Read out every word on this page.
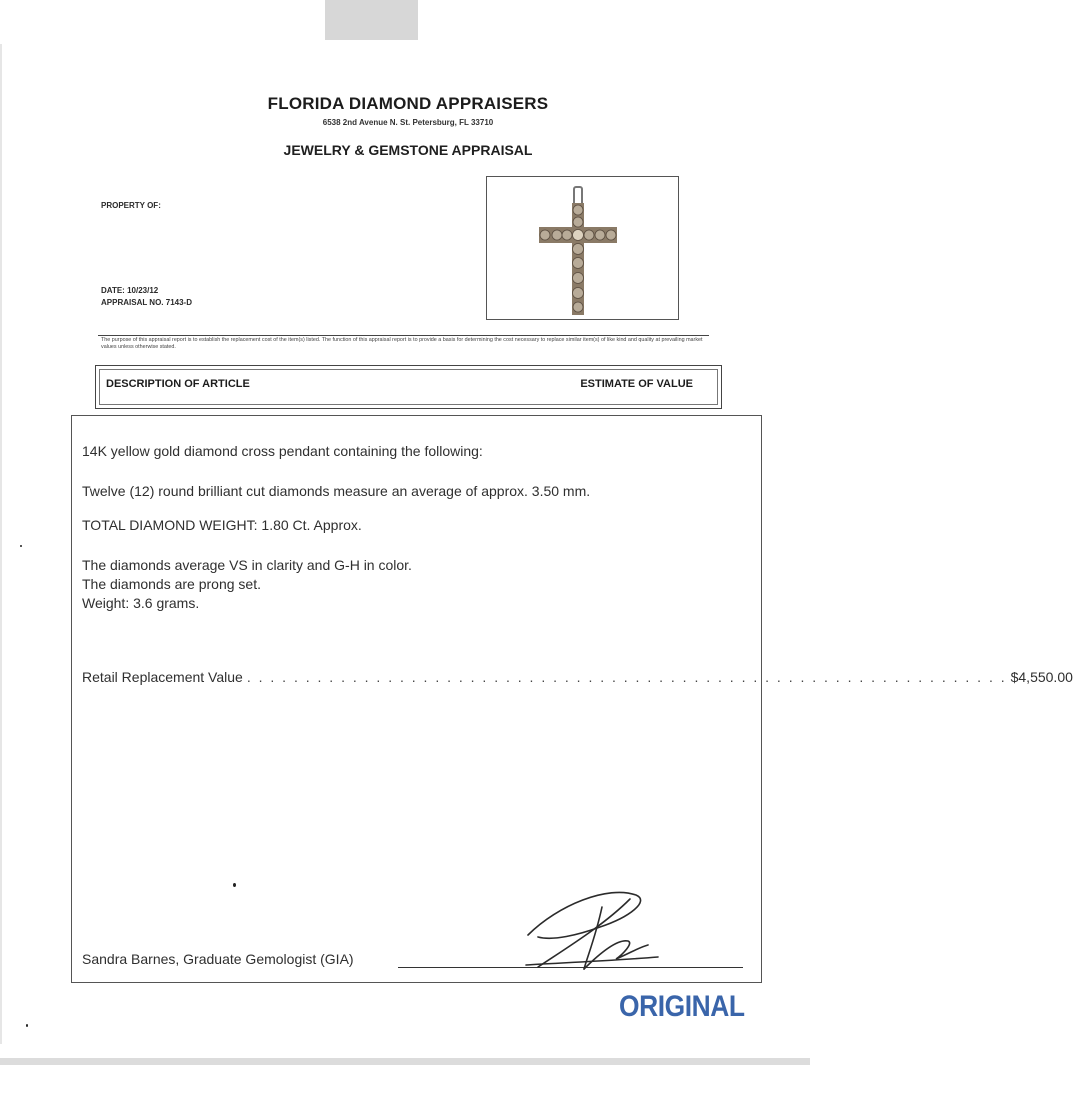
FLORIDA DIAMOND APPRAISERS
6538 2nd Avenue N. St. Petersburg, FL 33710
JEWELRY & GEMSTONE APPRAISAL
PROPERTY OF:
DATE: 10/23/12
APPRAISAL NO. 7143-D
The purpose of this appraisal report is to establish the replacement cost of the item(s) listed. The function of this appraisal report is to provide a basis for determining the cost necessary to replace similar item(s) of like kind and quality at prevailing market values unless otherwise stated.
DESCRIPTION OF ARTICLE	ESTIMATE OF VALUE
14K yellow gold diamond cross pendant containing the following:
Twelve (12) round brilliant cut diamonds measure an average of approx. 3.50 mm.
TOTAL DIAMOND WEIGHT: 1.80 Ct. Approx.
The diamonds average VS in clarity and G-H in color.
The diamonds are prong set.
Weight: 3.6 grams.
Retail Replacement Value . . . . . . . . . . . . . . . . . . . . . . . . . . . . . . . . . . . . . . . . . . . . . . . . . . . . . . . . . . . . . . . . . $4,550.00
Sandra Barnes, Graduate Gemologist (GIA)
ORIGINAL
